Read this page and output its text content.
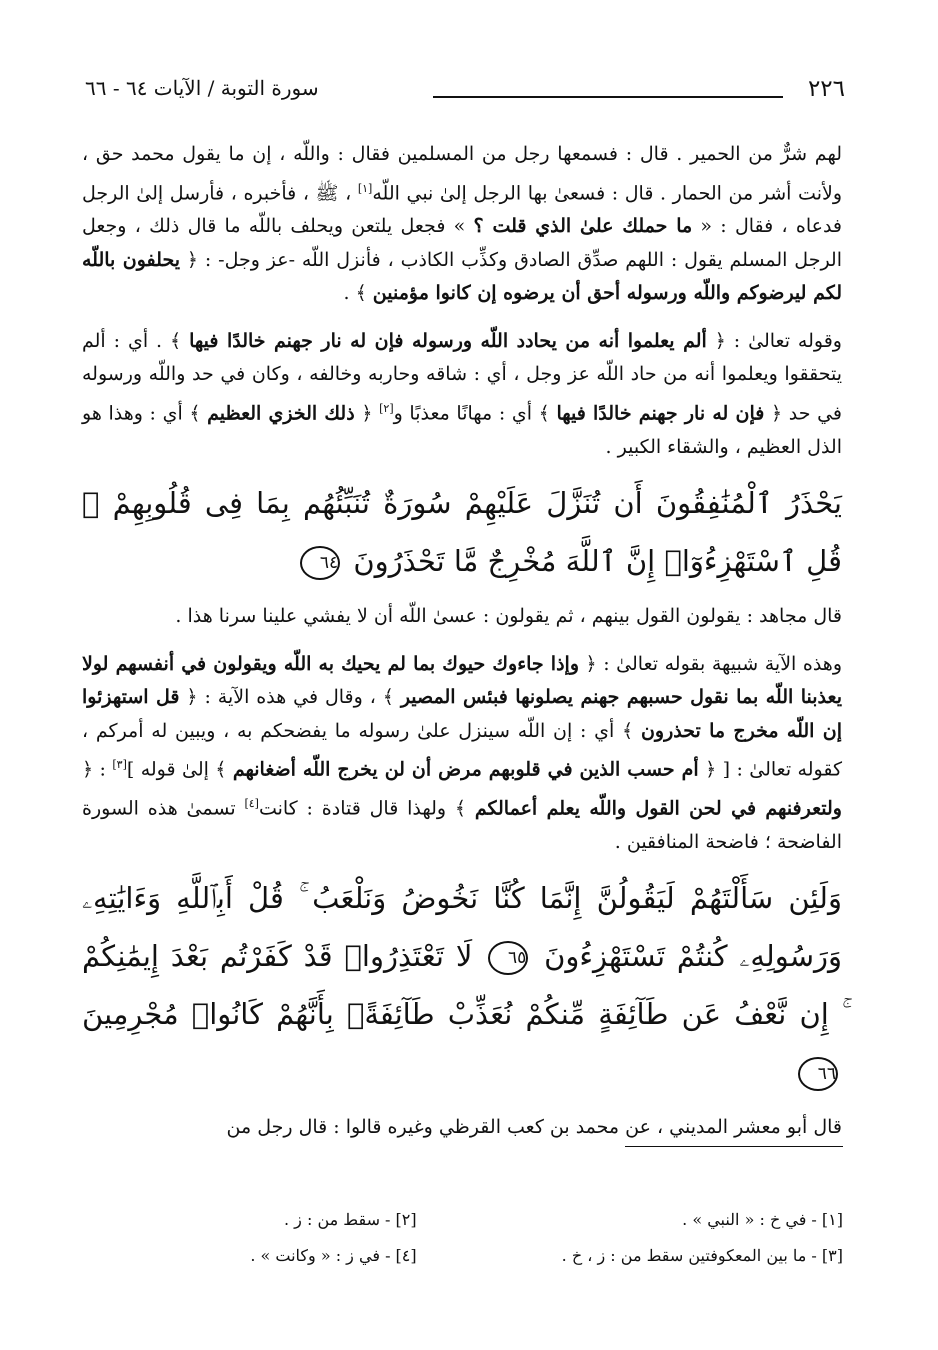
٢٢٦
سورة التوبة / الآيات ٦٤ - ٦٦

لهم شرٌّ من الحمير . قال : فسمعها رجل من المسلمين فقال : واللّه ، إن ما يقول محمد حق ، ولأنت أشر من الحمار . قال : فسعىٰ بها الرجل إلىٰ نبي اللّه[١] ، ﷺ ، فأخبره ، فأرسل إلىٰ الرجل فدعاه ، فقال : « ما حملك علىٰ الذي قلت ؟ » فجعل يلتعن ويحلف باللّه ما قال ذلك ، وجعل الرجل المسلم يقول : اللهم صدِّق الصادق وكذِّب الكاذب ، فأنزل اللّه -عز وجل- : ﴿ يحلفون باللّه لكم ليرضوكم واللّه ورسوله أحق أن يرضوه إن كانوا مؤمنين ﴾ .

وقوله تعالىٰ : ﴿ ألم يعلموا أنه من يحادد اللّه ورسوله فإن له نار جهنم خالدًا فيها ﴾ . أي : ألم يتحققوا ويعلموا أنه من حاد اللّه عز وجل ، أي : شاقه وحاربه وخالفه ، وكان في حد واللّه ورسوله في حد ﴿ فإن له نار جهنم خالدًا فيها ﴾ أي : مهانًا معذبًا و[٢] ﴿ ذلك الخزي العظيم ﴾ أي : وهذا هو الذل العظيم ، والشقاء الكبير .

يَحْذَرُ ٱلْمُنَٰفِقُونَ أَن تُنَزَّلَ عَلَيْهِمْ سُورَةٌ تُنَبِّئُهُم بِمَا فِى قُلُوبِهِمْ ۚ قُلِ ٱسْتَهْزِءُوٓا۟ إِنَّ ٱللَّهَ مُخْرِجٌ مَّا تَحْذَرُونَ ٦٤

قال مجاهد : يقولون القول بينهم ، ثم يقولون : عسىٰ اللّه أن لا يفشي علينا سرنا هذا .

وهذه الآية شبيهة بقوله تعالىٰ : ﴿ وإذا جاءوك حيوك بما لم يحيك به اللّه ويقولون في أنفسهم لولا يعذبنا اللّه بما نقول حسبهم جهنم يصلونها فبئس المصير ﴾ ، وقال في هذه الآية : ﴿ قل استهزئوا إن اللّه مخرج ما تحذرون ﴾ أي : إن اللّه سينزل علىٰ رسوله ما يفضحكم به ، ويبين له أمركم ، كقوله تعالىٰ : [ ﴿ أم حسب الذين في قلوبهم مرض أن لن يخرج اللّه أضغانهم ﴾ إلىٰ قوله ][٣] : ﴿ ولتعرفنهم في لحن القول واللّه يعلم أعمالكم ﴾ ولهذا قال قتادة : كانت[٤] تسمىٰ هذه السورة الفاضحة ؛ فاضحة المنافقين .

وَلَئِن سَأَلْتَهُمْ لَيَقُولُنَّ إِنَّمَا كُنَّا نَخُوضُ وَنَلْعَبُ ۚ قُلْ أَبِٱللَّهِ وَءَايَٰتِهِۦ وَرَسُولِهِۦ كُنتُمْ تَسْتَهْزِءُونَ ٦٥ لَا تَعْتَذِرُوا۟ قَدْ كَفَرْتُم بَعْدَ إِيمَٰنِكُمْ ۚ إِن نَّعْفُ عَن طَآئِفَةٍ مِّنكُمْ نُعَذِّبْ طَآئِفَةًۢ بِأَنَّهُمْ كَانُوا۟ مُجْرِمِينَ ٦٦

قال أبو معشر المديني ، عن محمد بن كعب القرظي وغيره قالوا : قال رجل من

[١] - في خ : « النبي » .
[٢] - سقط من : ز .
[٣] - ما بين المعكوفتين سقط من : ز ، خ .
[٤] - في ز : « وكانت » .
